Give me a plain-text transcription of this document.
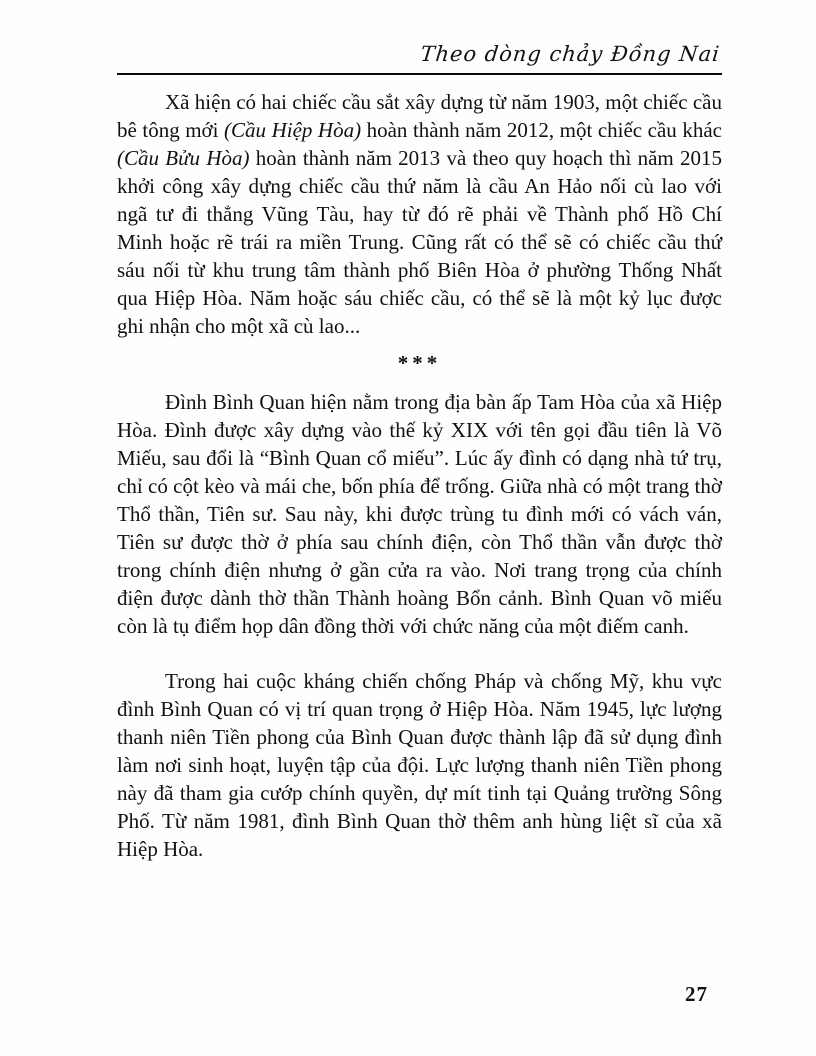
Theo dòng chảy Đồng Nai

Xã hiện có hai chiếc cầu sắt xây dựng từ năm 1903, một chiếc cầu bê tông mới (Cầu Hiệp Hòa) hoàn thành năm 2012, một chiếc cầu khác (Cầu Bửu Hòa) hoàn thành năm 2013 và theo quy hoạch thì năm 2015 khởi công xây dựng chiếc cầu thứ năm là cầu An Hảo nối cù lao với ngã tư đi thẳng Vũng Tàu, hay từ đó rẽ phải về Thành phố Hồ Chí Minh hoặc rẽ trái ra miền Trung. Cũng rất có thể sẽ có chiếc cầu thứ sáu nối từ khu trung tâm thành phố Biên Hòa ở phường Thống Nhất qua Hiệp Hòa. Năm hoặc sáu chiếc cầu, có thể sẽ là một kỷ lục được ghi nhận cho một xã cù lao...

***

Đình Bình Quan hiện nằm trong địa bàn ấp Tam Hòa của xã Hiệp Hòa. Đình được xây dựng vào thế kỷ XIX với tên gọi đầu tiên là Võ Miếu, sau đổi là “Bình Quan cổ miếu”. Lúc ấy đình có dạng nhà tứ trụ, chỉ có cột kèo và mái che, bốn phía để trống. Giữa nhà có một trang thờ Thổ thần, Tiên sư. Sau này, khi được trùng tu đình mới có vách ván, Tiên sư được thờ ở phía sau chính điện, còn Thổ thần vẫn được thờ trong chính điện nhưng ở gần cửa ra vào. Nơi trang trọng của chính điện được dành thờ thần Thành hoàng Bổn cảnh. Bình Quan võ miếu còn là tụ điểm họp dân đồng thời với chức năng của một điếm canh.

Trong hai cuộc kháng chiến chống Pháp và chống Mỹ, khu vực đình Bình Quan có vị trí quan trọng ở Hiệp Hòa. Năm 1945, lực lượng thanh niên Tiền phong của Bình Quan được thành lập đã sử dụng đình làm nơi sinh hoạt, luyện tập của đội. Lực lượng thanh niên Tiền phong này đã tham gia cướp chính quyền, dự mít tinh tại Quảng trường Sông Phố. Từ năm 1981, đình Bình Quan thờ thêm anh hùng liệt sĩ của xã Hiệp Hòa.

27
